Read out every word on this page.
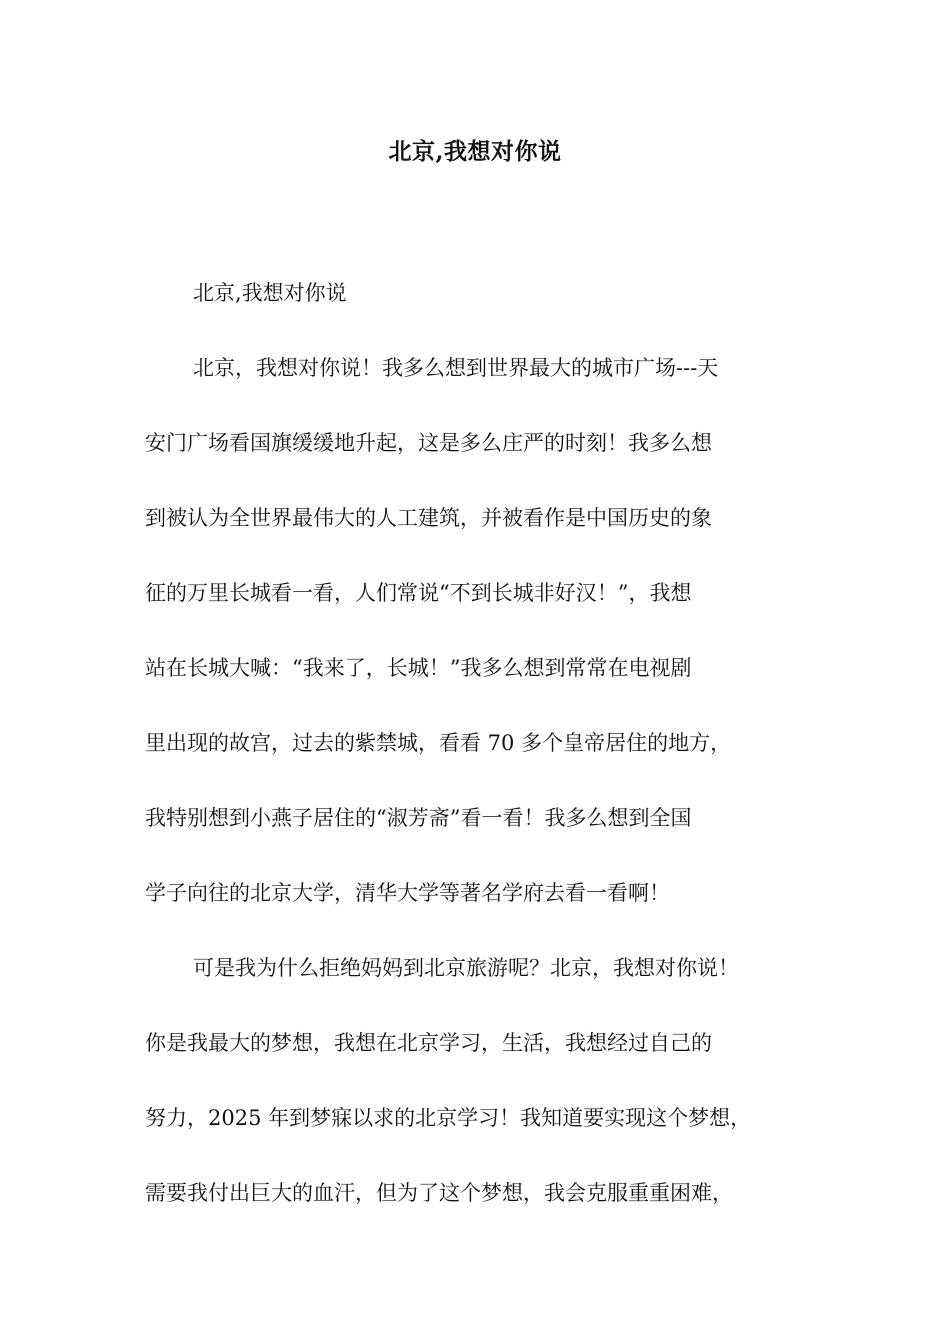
北京,我想对你说

北京,我想对你说

北京，我想对你说！我多么想到世界最大的城市广场---天
安门广场看国旗缓缓地升起，这是多么庄严的时刻！我多么想
到被认为全世界最伟大的人工建筑，并被看作是中国历史的象
征的万里长城看一看，人们常说“不到长城非好汉！”，我想
站在长城大喊：“我来了，长城！”我多么想到常常在电视剧
里出现的故宫，过去的紫禁城，看看 70 多个皇帝居住的地方，
我特别想到小燕子居住的“淑芳斋”看一看！我多么想到全国
学子向往的北京大学，清华大学等著名学府去看一看啊！

可是我为什么拒绝妈妈到北京旅游呢？北京，我想对你说！
你是我最大的梦想，我想在北京学习，生活，我想经过自己的
努力，2025 年到梦寐以求的北京学习！我知道要实现这个梦想，
需要我付出巨大的血汗，但为了这个梦想，我会克服重重困难，
